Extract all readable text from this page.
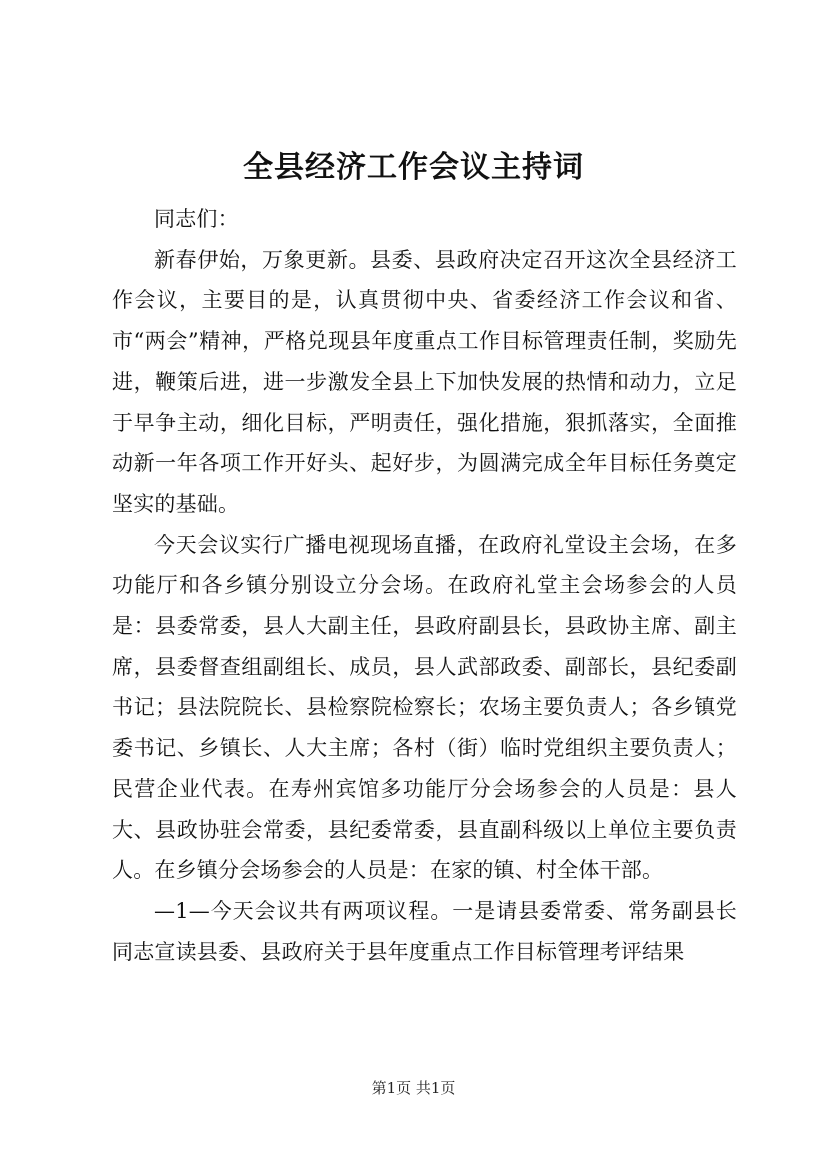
全县经济工作会议主持词

同志们：

新春伊始，万象更新。县委、县政府决定召开这次全县经济工作会议，主要目的是，认真贯彻中央、省委经济工作会议和省、市“两会”精神，严格兑现县年度重点工作目标管理责任制，奖励先进，鞭策后进，进一步激发全县上下加快发展的热情和动力，立足于早争主动，细化目标，严明责任，强化措施，狠抓落实，全面推动新一年各项工作开好头、起好步，为圆满完成全年目标任务奠定坚实的基础。

今天会议实行广播电视现场直播，在政府礼堂设主会场，在多功能厅和各乡镇分别设立分会场。在政府礼堂主会场参会的人员是：县委常委，县人大副主任，县政府副县长，县政协主席、副主席，县委督查组副组长、成员，县人武部政委、副部长，县纪委副书记；县法院院长、县检察院检察长；农场主要负责人；各乡镇党委书记、乡镇长、人大主席；各村（街）临时党组织主要负责人；民营企业代表。在寿州宾馆多功能厅分会场参会的人员是：县人大、县政协驻会常委，县纪委常委，县直副科级以上单位主要负责人。在乡镇分会场参会的人员是：在家的镇、村全体干部。

—1—今天会议共有两项议程。一是请县委常委、常务副县长同志宣读县委、县政府关于县年度重点工作目标管理考评结果

第1页 共1页
